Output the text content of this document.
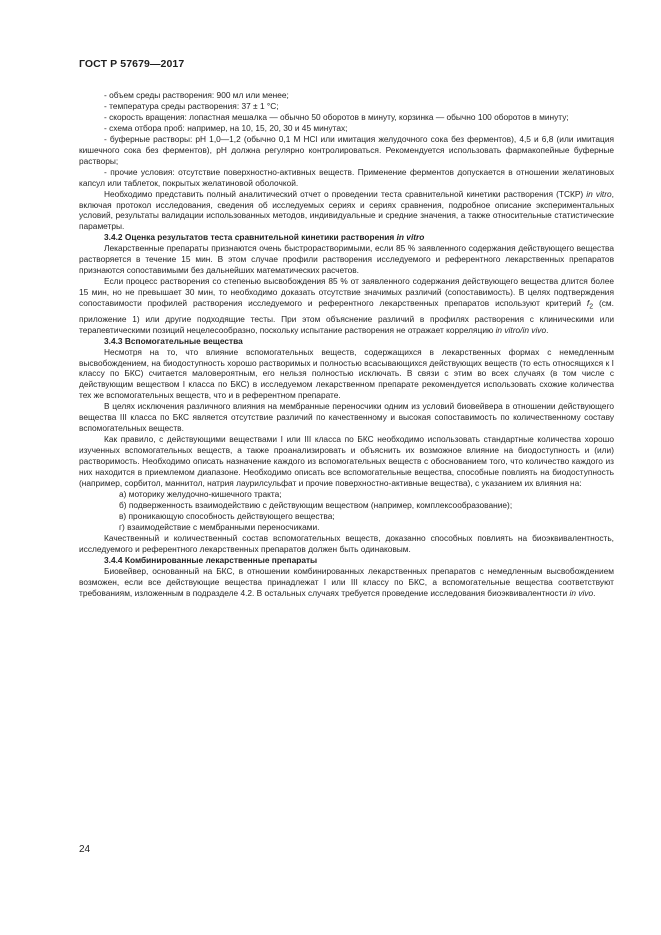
ГОСТ Р 57679—2017

- объем среды растворения: 900 мл или менее;

- температура среды растворения: 37 ± 1 °С;

- скорость вращения: лопастная мешалка — обычно 50 оборотов в минуту, корзинка — обычно 100 оборотов в минуту;

- схема отбора проб: например, на 10, 15, 20, 30 и 45 минутах;

- буферные растворы: pH 1,0—1,2 (обычно 0,1 М HCl или имитация желудочного сока без ферментов), 4,5 и 6,8 (или имитация кишечного сока без ферментов), pH должна регулярно контролироваться. Рекомендуется использовать фармакопейные буферные растворы;

- прочие условия: отсутствие поверхностно-активных веществ. Применение ферментов допускается в отношении желатиновых капсул или таблеток, покрытых желатиновой оболочкой.

Необходимо представить полный аналитический отчет о проведении теста сравнительной кинетики растворения (ТСКР) in vitro, включая протокол исследования, сведения об исследуемых сериях и сериях сравнения, подробное описание экспериментальных условий, результаты валидации использованных методов, индивидуальные и средние значения, а также относительные статистические параметры.

3.4.2 Оценка результатов теста сравнительной кинетики растворения in vitro

Лекарственные препараты признаются очень быстрорастворимыми, если 85 % заявленного содержания действующего вещества растворяется в течение 15 мин. В этом случае профили растворения исследуемого и референтного лекарственных препаратов признаются сопоставимыми без дальнейших математических расчетов.

Если процесс растворения со степенью высвобождения 85 % от заявленного содержания действующего вещества длится более 15 мин, но не превышает 30 мин, то необходимо доказать отсутствие значимых различий (сопоставимость). В целях подтверждения сопоставимости профилей растворения исследуемого и референтного лекарственных препаратов используют критерий $f_2$ (см. приложение 1) или другие подходящие тесты. При этом объяснение различий в профилях растворения с клиническими или терапевтическими позиций нецелесообразно, поскольку испытание растворения не отражает корреляцию in vitro/in vivo.

3.4.3 Вспомогательные вещества

Несмотря на то, что влияние вспомогательных веществ, содержащихся в лекарственных формах с немедленным высвобождением, на биодоступность хорошо растворимых и полностью всасывающихся действующих веществ (то есть относящихся к I классу по БКС) считается маловероятным, его нельзя полностью исключать. В связи с этим во всех случаях (в том числе с действующим веществом I класса по БКС) в исследуемом лекарственном препарате рекомендуется использовать схожие количества тех же вспомогательных веществ, что и в референтном препарате.

В целях исключения различного влияния на мембранные переносчики одним из условий биовейвера в отношении действующего вещества III класса по БКС является отсутствие различий по качественному и высокая сопоставимость по количественному составу вспомогательных веществ.

Как правило, с действующими веществами I или III класса по БКС необходимо использовать стандартные количества хорошо изученных вспомогательных веществ, а также проанализировать и объяснить их возможное влияние на биодоступность и (или) растворимость. Необходимо описать назначение каждого из вспомогательных веществ с обоснованием того, что количество каждого из них находится в приемлемом диапазоне. Необходимо описать все вспомогательные вещества, способные повлиять на биодоступность (например, сорбитол, маннитол, натрия лаурилсульфат и прочие поверхностно-активные вещества), с указанием их влияния на:

а) моторику желудочно-кишечного тракта;

б) подверженность взаимодействию с действующим веществом (например, комплексообразование);

в) проникающую способность действующего вещества;

г) взаимодействие с мембранными переносчиками.

Качественный и количественный состав вспомогательных веществ, доказанно способных повлиять на биоэквивалентность, исследуемого и референтного лекарственных препаратов должен быть одинаковым.

3.4.4 Комбинированные лекарственные препараты

Биовейвер, основанный на БКС, в отношении комбинированных лекарственных препаратов с немедленным высвобождением возможен, если все действующие вещества принадлежат I или III классу по БКС, а вспомогательные вещества соответствуют требованиям, изложенным в подразделе 4.2. В остальных случаях требуется проведение исследования биоэквивалентности in vivo.

24
